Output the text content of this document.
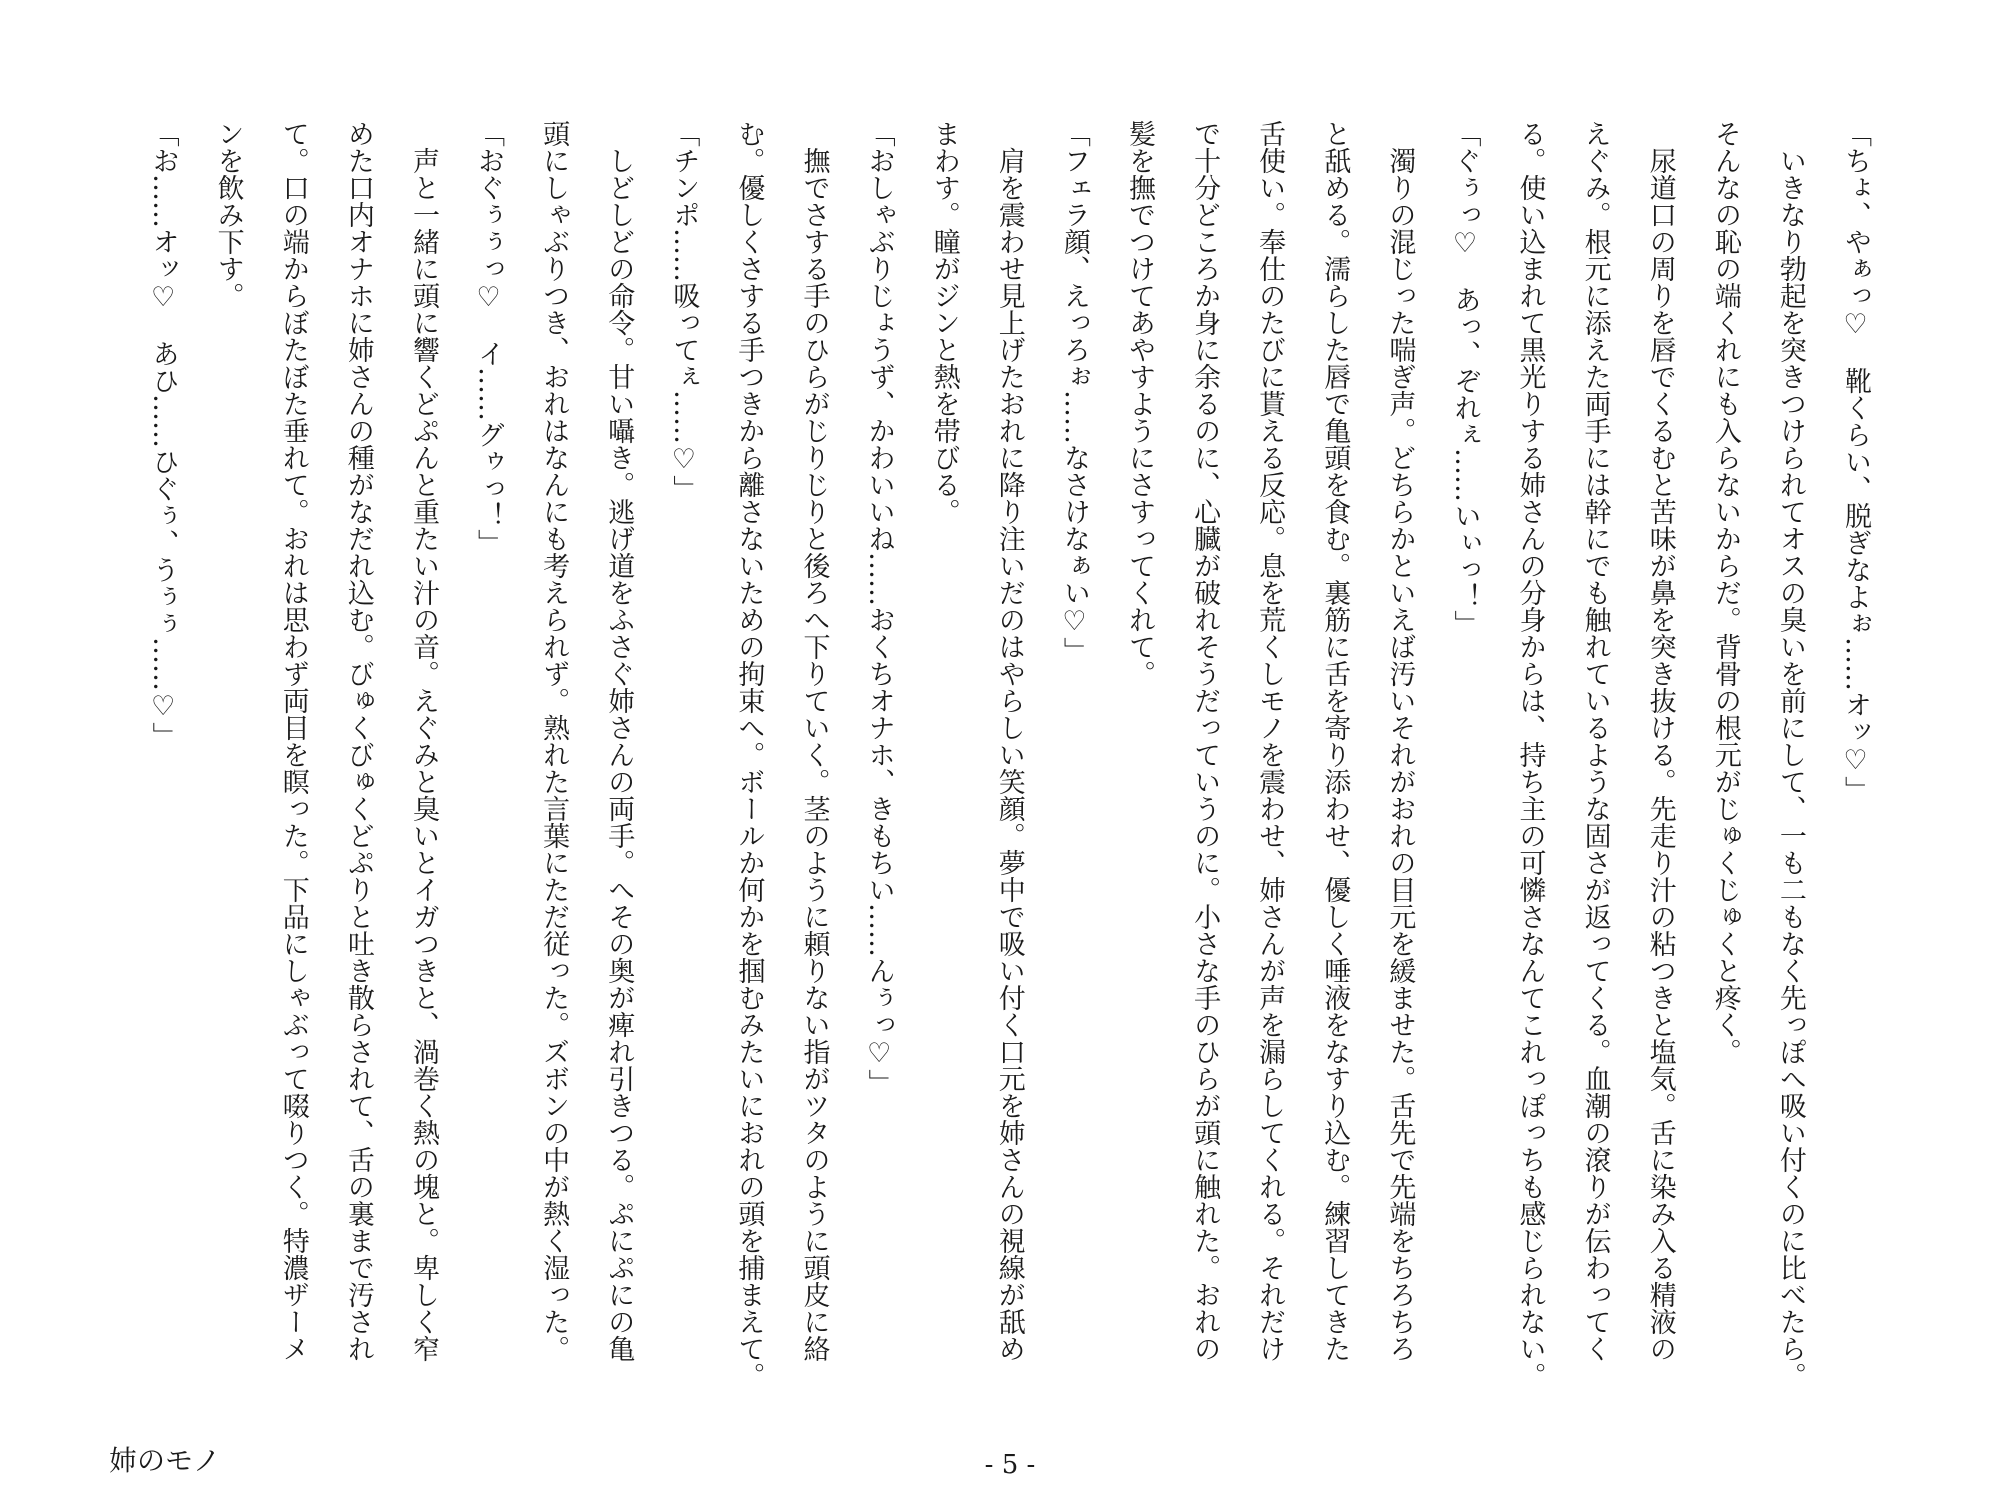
「ちょ、やぁっ♡　靴くらい、脱ぎなよぉ……オッ♡」
　いきなり勃起を突きつけられてオスの臭いを前にして、一も二もなく先っぽへ吸い付くのに比べたら。
そんなの恥の端くれにも入らないからだ。背骨の根元がじゅくじゅくと疼く。
　尿道口の周りを唇でくるむと苦味が鼻を突き抜ける。先走り汁の粘つきと塩気。舌に染み入る精液の
えぐみ。根元に添えた両手には幹にでも触れているような固さが返ってくる。血潮の滾りが伝わってく
る。使い込まれて黒光りする姉さんの分身からは、持ち主の可憐さなんてこれっぽっちも感じられない。
「ぐぅっ♡　あっ、ぞれぇ……いぃっ！」
　濁りの混じった喘ぎ声。どちらかといえば汚いそれがおれの目元を緩ませた。舌先で先端をちろちろ
と舐める。濡らした唇で亀頭を食む。裏筋に舌を寄り添わせ、優しく唾液をなすり込む。練習してきた
舌使い。奉仕のたびに貰える反応。息を荒くしモノを震わせ、姉さんが声を漏らしてくれる。それだけ
で十分どころか身に余るのに、心臓が破れそうだっていうのに。小さな手のひらが頭に触れた。おれの
髪を撫でつけてあやすようにさすってくれて。
「フェラ顔、えっろぉ……なさけなぁい♡」
　肩を震わせ見上げたおれに降り注いだのはやらしい笑顔。夢中で吸い付く口元を姉さんの視線が舐め
まわす。瞳がジンと熱を帯びる。
「おしゃぶりじょうず、かわいいね……おくちオナホ、きもちい……んぅっ♡」
　撫でさする手のひらがじりじりと後ろへ下りていく。茎のように頼りない指がツタのように頭皮に絡
む。優しくさする手つきから離さないための拘束へ。ボールか何かを掴むみたいにおれの頭を捕まえて。
「チンポ……吸ってぇ……♡」
　しどしどの命令。甘い囁き。逃げ道をふさぐ姉さんの両手。へその奥が痺れ引きつる。ぷにぷにの亀
頭にしゃぶりつき、おれはなんにも考えられず。熟れた言葉にただ従った。ズボンの中が熱く湿った。
「おぐぅぅっ♡　イ……グゥっ！」
　声と一緒に頭に響くどぷんと重たい汁の音。えぐみと臭いとイガつきと、渦巻く熱の塊と。卑しく窄
めた口内オナホに姉さんの種がなだれ込む。びゅくびゅくどぷりと吐き散らされて、舌の裏まで汚され
て。口の端からぼたぼた垂れて。おれは思わず両目を瞑った。下品にしゃぶって啜りつく。特濃ザーメ
ンを飲み下す。
「お……オッ♡　あひ……ひぐぅ、うぅぅ……♡」
姉のモノ	- 5 -
